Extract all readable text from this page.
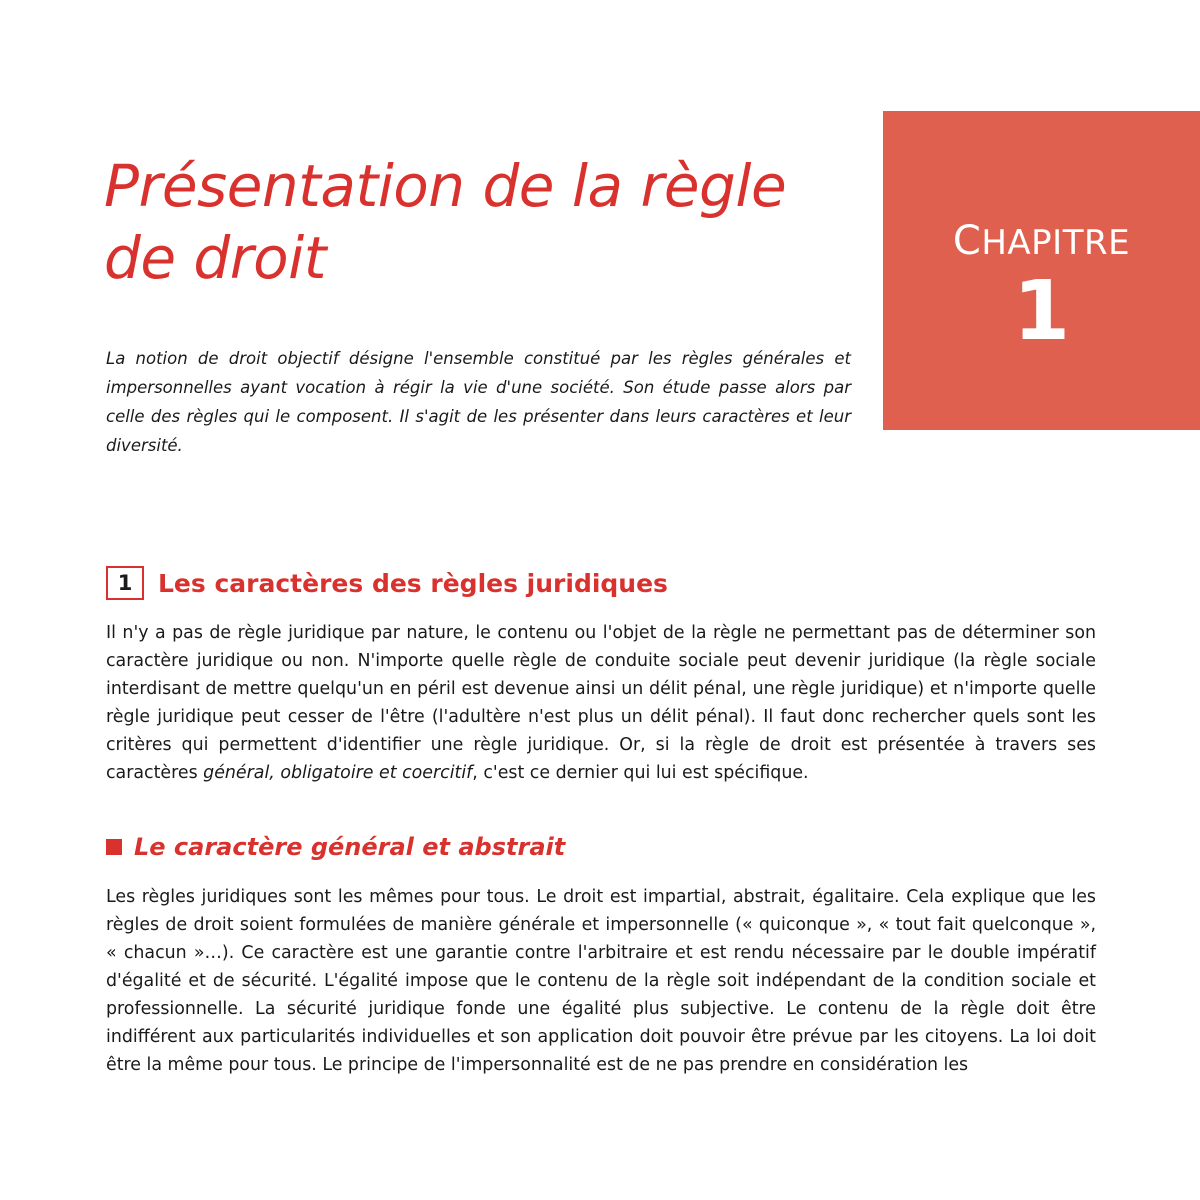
CHAPITRE
1
Présentation de la règle de droit

La notion de droit objectif désigne l'ensemble constitué par les règles générales et impersonnelles ayant vocation à régir la vie d'une société. Son étude passe alors par celle des règles qui le composent. Il s'agit de les présenter dans leurs caractères et leur diversité.

1	Les caractères des règles juridiques

Il n'y a pas de règle juridique par nature, le contenu ou l'objet de la règle ne permettant pas de déterminer son caractère juridique ou non. N'importe quelle règle de conduite sociale peut devenir juridique (la règle sociale interdisant de mettre quelqu'un en péril est devenue ainsi un délit pénal, une règle juridique) et n'importe quelle règle juridique peut cesser de l'être (l'adultère n'est plus un délit pénal). Il faut donc rechercher quels sont les critères qui permettent d'identifier une règle juridique. Or, si la règle de droit est présentée à travers ses caractères général, obligatoire et coercitif, c'est ce dernier qui lui est spécifique.

Le caractère général et abstrait

Les règles juridiques sont les mêmes pour tous. Le droit est impartial, abstrait, égalitaire. Cela explique que les règles de droit soient formulées de manière générale et impersonnelle (« quiconque », « tout fait quelconque », « chacun »…). Ce caractère est une garantie contre l'arbitraire et est rendu nécessaire par le double impératif d'égalité et de sécurité. L'égalité impose que le contenu de la règle soit indépendant de la condition sociale et professionnelle. La sécurité juridique fonde une égalité plus subjective. Le contenu de la règle doit être indifférent aux particularités individuelles et son application doit pouvoir être prévue par les citoyens. La loi doit être la même pour tous. Le principe de l'impersonnalité est de ne pas prendre en considération les
